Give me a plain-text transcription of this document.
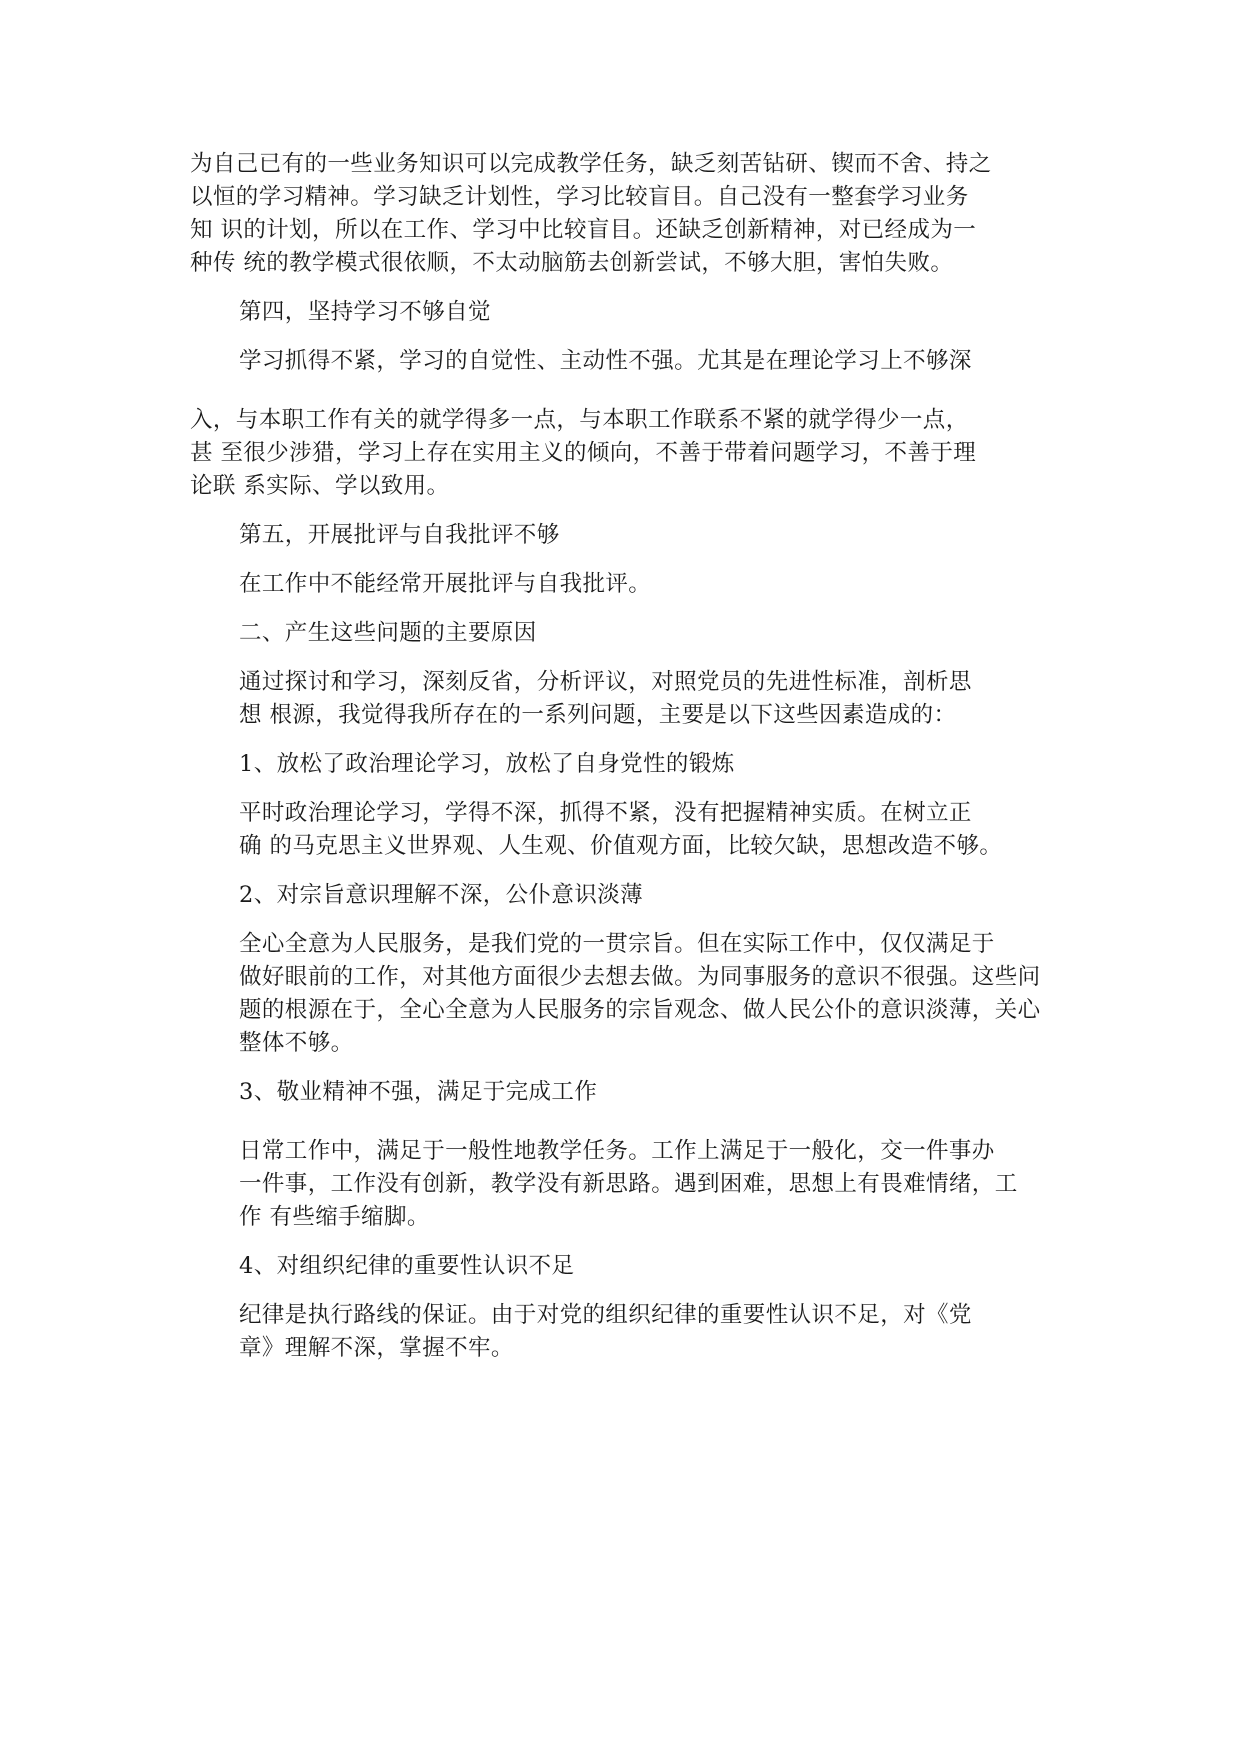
为自己已有的一些业务知识可以完成教学任务，缺乏刻苦钻研、锲而不舍、持之
以恒的学习精神。学习缺乏计划性，学习比较盲目。自己没有一整套学习业务
知 识的计划，所以在工作、学习中比较盲目。还缺乏创新精神，对已经成为一
种传 统的教学模式很依顺，不太动脑筋去创新尝试，不够大胆，害怕失败。

第四，坚持学习不够自觉

学习抓得不紧，学习的自觉性、主动性不强。尤其是在理论学习上不够深

入，与本职工作有关的就学得多一点，与本职工作联系不紧的就学得少一点，
甚 至很少涉猎，学习上存在实用主义的倾向，不善于带着问题学习，不善于理
论联 系实际、学以致用。

第五，开展批评与自我批评不够

在工作中不能经常开展批评与自我批评。

二、产生这些问题的主要原因

通过探讨和学习，深刻反省，分析评议，对照党员的先进性标准，剖析思
想 根源，我觉得我所存在的一系列问题，主要是以下这些因素造成的：

1、放松了政治理论学习，放松了自身党性的锻炼

平时政治理论学习，学得不深，抓得不紧，没有把握精神实质。在树立正
确 的马克思主义世界观、人生观、价值观方面，比较欠缺，思想改造不够。

2、对宗旨意识理解不深，公仆意识淡薄

全心全意为人民服务，是我们党的一贯宗旨。但在实际工作中，仅仅满足于
做好眼前的工作，对其他方面很少去想去做。为同事服务的意识不很强。这些问
题的根源在于，全心全意为人民服务的宗旨观念、做人民公仆的意识淡薄，关心
整体不够。

3、敬业精神不强，满足于完成工作

日常工作中，满足于一般性地教学任务。工作上满足于一般化，交一件事办
一件事，工作没有创新，教学没有新思路。遇到困难，思想上有畏难情绪，工
作 有些缩手缩脚。

4、对组织纪律的重要性认识不足

纪律是执行路线的保证。由于对党的组织纪律的重要性认识不足，对《党
章》理解不深，掌握不牢。
